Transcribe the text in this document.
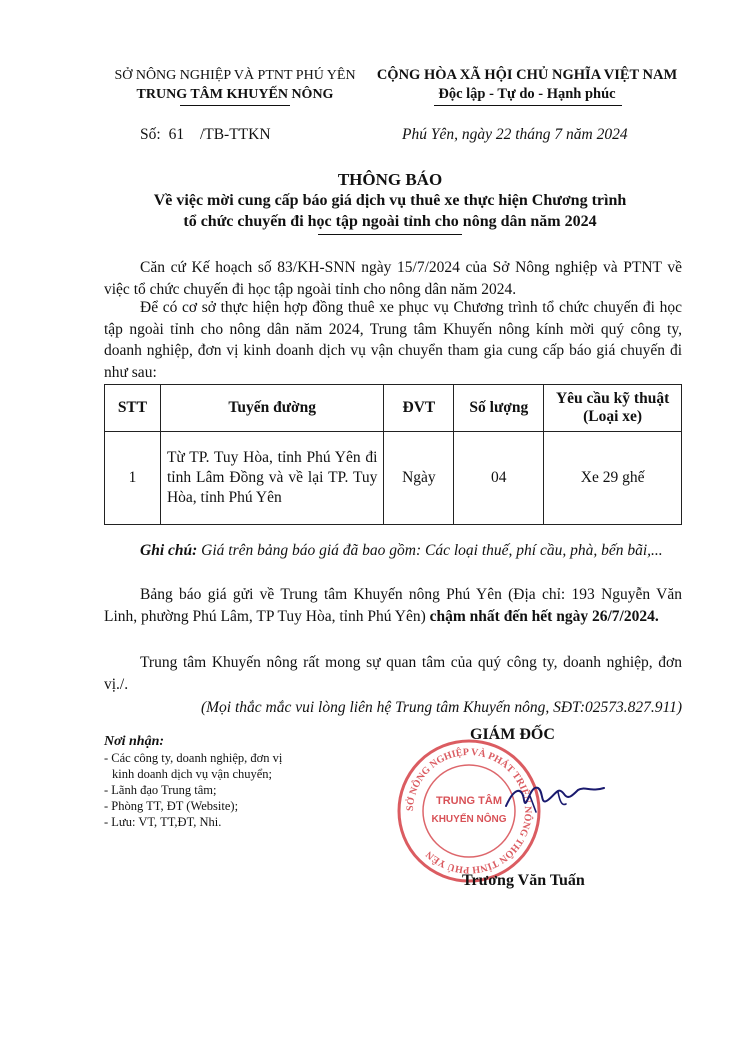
SỞ NÔNG NGHIỆP VÀ PTNT PHÚ YÊN
TRUNG TÂM KHUYẾN NÔNG
CỘNG HÒA XÃ HỘI CHỦ NGHĨA VIỆT NAM
Độc lập - Tự do - Hạnh phúc
Số: 61 /TB-TTKN	Phú Yên, ngày 22 tháng 7 năm 2024
THÔNG BÁO
Về việc mời cung cấp báo giá dịch vụ thuê xe thực hiện Chương trình
tổ chức chuyến đi học tập ngoài tỉnh cho nông dân năm 2024
Căn cứ Kế hoạch số 83/KH-SNN ngày 15/7/2024 của Sở Nông nghiệp và PTNT về việc tổ chức chuyến đi học tập ngoài tỉnh cho nông dân năm 2024.
Để có cơ sở thực hiện hợp đồng thuê xe phục vụ Chương trình tổ chức chuyến đi học tập ngoài tỉnh cho nông dân năm 2024, Trung tâm Khuyến nông kính mời quý công ty, doanh nghiệp, đơn vị kinh doanh dịch vụ vận chuyển tham gia cung cấp báo giá chuyến đi như sau:
STT	Tuyến đường	ĐVT	Số lượng	Yêu cầu kỹ thuật
(Loại xe)

1	Từ TP. Tuy Hòa, tỉnh Phú Yên đi tỉnh Lâm Đồng và về lại TP. Tuy Hòa, tỉnh Phú Yên	Ngày	04	Xe 29 ghế
Ghi chú: Giá trên bảng báo giá đã bao gồm: Các loại thuế, phí cầu, phà, bến bãi,...
Bảng báo giá gửi về Trung tâm Khuyến nông Phú Yên (Địa chỉ: 193 Nguyễn Văn Linh, phường Phú Lâm, TP Tuy Hòa, tỉnh Phú Yên) chậm nhất đến hết ngày 26/7/2024.
Trung tâm Khuyến nông rất mong sự quan tâm của quý công ty, doanh nghiệp, đơn vị./.
(Mọi thắc mắc vui lòng liên hệ Trung tâm Khuyến nông, SĐT:02573.827.911)
Nơi nhận:
- Các công ty, doanh nghiệp, đơn vị
kinh doanh dịch vụ vận chuyển;
- Lãnh đạo Trung tâm;
- Phòng TT, ĐT (Website);
- Lưu: VT, TT,ĐT, Nhi.
GIÁM ĐỐC
SỞ NÔNG NGHIỆP VÀ PHÁT TRIỂN NÔNG THÔN TỈNH PHÚ YÊN
TRUNG TÂM
KHUYẾN NÔNG
Trương Văn Tuấn
